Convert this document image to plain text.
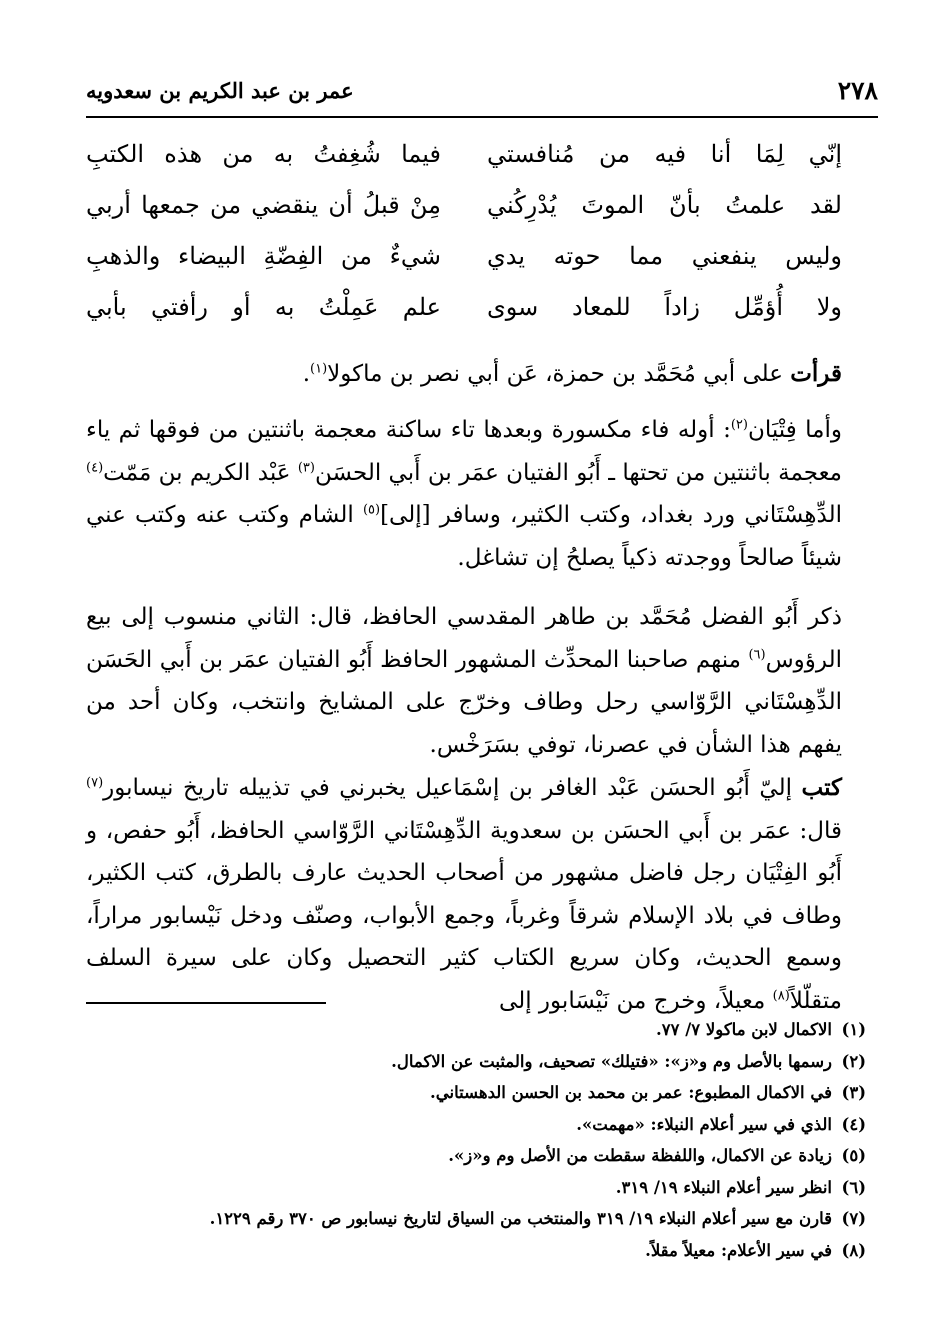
٢٧٨
عمر بن عبد الكريم بن سعدويه
إنّي لِمَا أنا فيه من مُنافستي
فيما شُغِفتُ به من هذه الكتبِ
لقد علمتُ بأنّ الموتَ يُدْرِكُني
مِنْ قبلُ أن ينقضي من جمعها أربي
وليس ينفعني مما حوته يدي
شيءٌ من الفِضّةِ البيضاء والذهبِ
ولا أُؤمِّل زاداً للمعاد سوى
علم عَمِلْتُ به أو رأفتي بأبي
قرأت على أبي مُحَمَّد بن حمزة، عَن أبي نصر بن ماكولا$^{(١)}$.
وأما فِتْيَان$^{(٢)}$: أوله فاء مكسورة وبعدها تاء ساكنة معجمة باثنتين من فوقها ثم ياء معجمة باثنتين من تحتها ـ أَبُو الفتيان عمَر بن أَبي الحسَن$^{(٣)}$ عَبْد الكريم بن مَمّت$^{(٤)}$ الدِّهِسْتَاني ورد بغداد، وكتب الكثير، وسافر [إلى]$^{(٥)}$ الشام وكتب عنه وكتب عني شيئاً صالحاً ووجدته ذكياً يصلحُ إن تشاغل.
ذكر أَبُو الفضل مُحَمَّد بن طاهر المقدسي الحافظ، قال: الثاني منسوب إلى بيع الرؤوس$^{(٦)}$ منهم صاحبنا المحدِّث المشهور الحافظ أَبُو الفتيان عمَر بن أَبي الحَسَن الدِّهِسْتَاني الرَّوّاسي رحل وطاف وخرّج على المشايخ وانتخب، وكان أحد من يفهم هذا الشأن في عصرنا، توفي بسَرَخْس.
كتب إليّ أَبُو الحسَن عَبْد الغافر بن إسْمَاعيل يخبرني في تذييله تاريخ نيسابور$^{(٧)}$ قال: عمَر بن أَبي الحسَن بن سعدوية الدِّهِسْتَاني الرَّوّاسي الحافظ، أَبُو حفص، و أَبُو الفِتْيَان رجل فاضل مشهور من أصحاب الحديث عارف بالطرق، كتب الكثير، وطاف في بلاد الإسلام شرقاً وغرباً، وجمع الأبواب، وصنّف ودخل نَيْسابور مراراً، وسمع الحديث، وكان سريع الكتاب كثير التحصيل وكان على سيرة السلف متقلّلاً$^{(٨)}$ معيلاً، وخرج من نَيْسَابور إلى
(١)الاكمال لابن ماكولا ٧/ ٧٧.
(٢)رسمها بالأصل وم و«ز»: «فتيلك» تصحيف، والمثبت عن الاكمال.
(٣)في الاكمال المطبوع: عمر بن محمد بن الحسن الدهستاني.
(٤)الذي في سير أعلام النبلاء: «مهمت».
(٥)زيادة عن الاكمال، واللفظة سقطت من الأصل وم و«ز».
(٦)انظر سير أعلام النبلاء ١٩/ ٣١٩.
(٧)قارن مع سير أعلام النبلاء ١٩/ ٣١٩ والمنتخب من السياق لتاريخ نيسابور ص ٣٧٠ رقم ١٢٢٩.
(٨)في سير الأعلام: معيلاً مقلاً.
